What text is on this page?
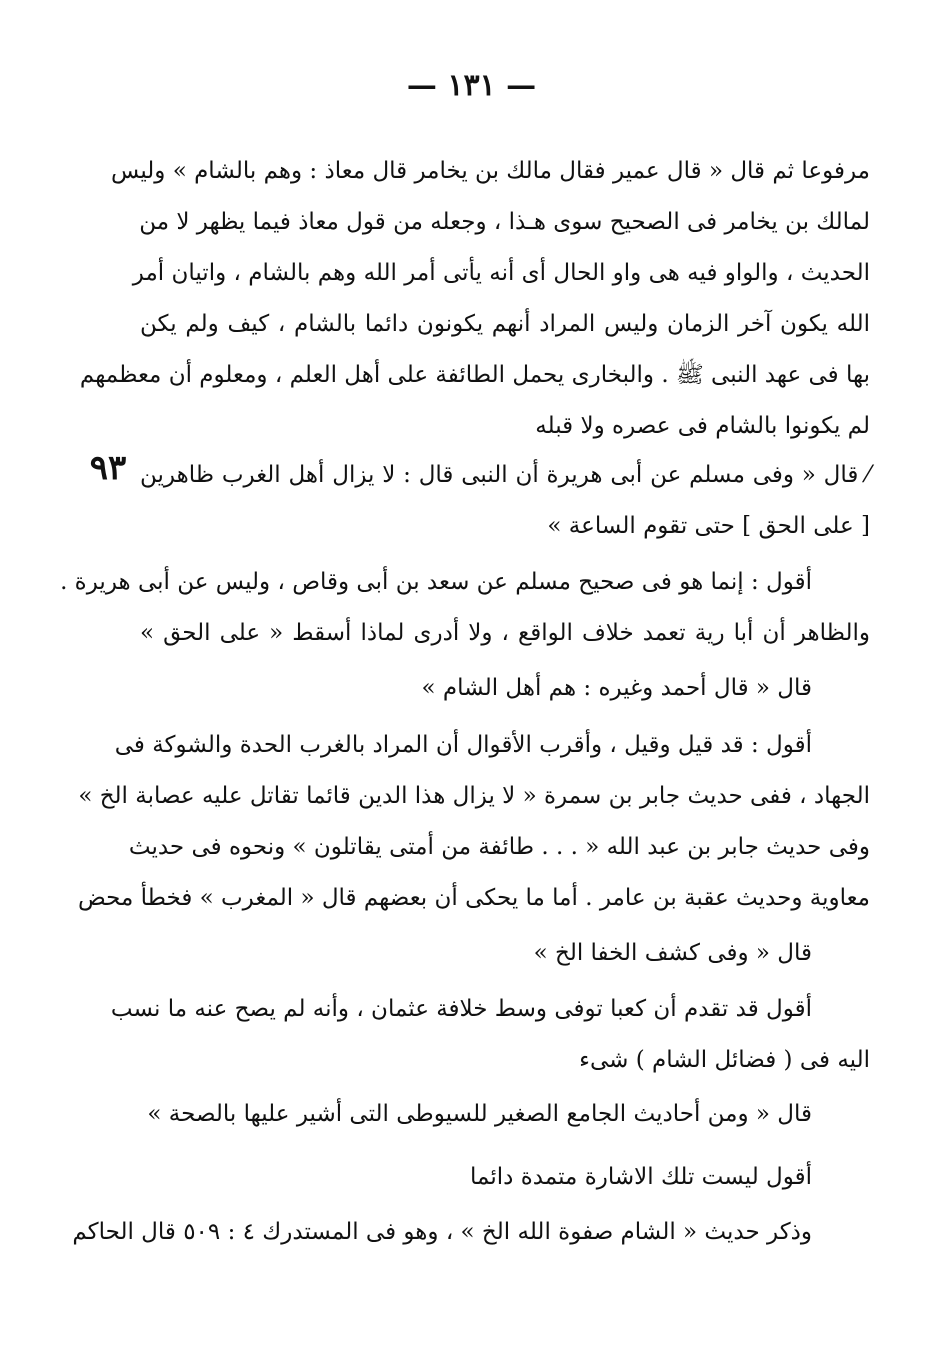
— ١٣١ —
٩٣
مرفوعا ثم قال « قال عمير فقال مالك بن يخامر قال معاذ : وهم بالشام » وليس
لمالك بن يخامر فى الصحيح سوى هـذا ، وجعله من قول معاذ فيما يظهر لا من
الحديث ، والواو فيه هى واو الحال أى أنه يأتى أمر الله وهم بالشام ، واتيان أمر
الله يكون آخر الزمان وليس المراد أنهم يكونون دائما بالشام ، كيف ولم يكن
بها فى عهد النبى ﷺ . والبخارى يحمل الطائفة على أهل العلم ، ومعلوم أن معظمهم
لم يكونوا بالشام فى عصره ولا قبله
⁄ قال « وفى مسلم عن أبى هريرة أن النبى قال : لا يزال أهل الغرب ظاهرين
[ على الحق ] حتى تقوم الساعة »
أقول : إنما هو فى صحيح مسلم عن سعد بن أبى وقاص ، وليس عن أبى هريرة .
والظاهر أن أبا رية تعمد خلاف الواقع ، ولا أدرى لماذا أسقط « على الحق »
قال « قال أحمد وغيره : هم أهل الشام »
أقول : قد قيل وقيل ، وأقرب الأقوال أن المراد بالغرب الحدة والشوكة فى
الجهاد ، ففى حديث جابر بن سمرة « لا يزال هذا الدين قائما تقاتل عليه عصابة الخ »
وفى حديث جابر بن عبد الله « . . . طائفة من أمتى يقاتلون » ونحوه فى حديث
معاوية وحديث عقبة بن عامر . أما ما يحكى أن بعضهم قال « المغرب » فخطأ محض
قال « وفى كشف الخفا الخ »
أقول قد تقدم أن كعبا توفى وسط خلافة عثمان ، وأنه لم يصح عنه ما نسب
اليه فى ( فضائل الشام ) شىء
قال « ومن أحاديث الجامع الصغير للسيوطى التى أشير عليها بالصحة »
أقول ليست تلك الاشارة متمدة دائما
وذكر حديث « الشام صفوة الله الخ » ، وهو فى المستدرك ٤ : ٥٠٩ قال الحاكم
